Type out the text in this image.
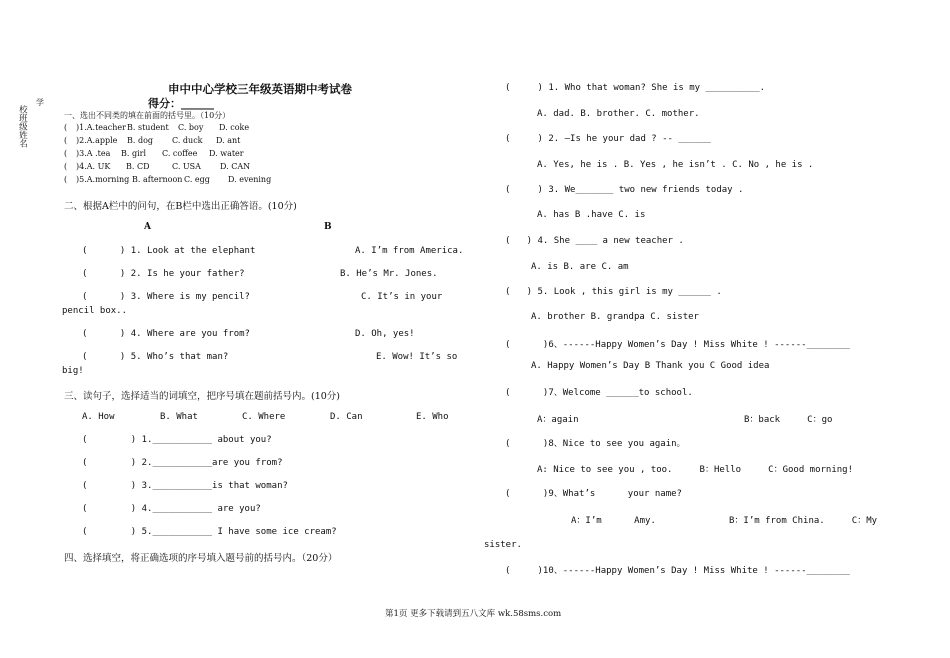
学
校班级姓名
申中中心学校三年级英语期中考试卷
得分：______
一、选出不同类的填在前面的括号里。（10分）
( )1.A.teacher B. student C. boy D. coke
( )2.A.apple B. dog C. duck D. ant
( )3.A .tea B. girl C. coffee D. water
( )4.A. UK B. CD	C. USA D. CAN
( )5.A.morning B. afternoon C. egg D. evening
二、根据A栏中的问句，在B栏中选出正确答语。(10分)
A	B
(      ) 1. Look at the elephant	A. I’m from America.
(      ) 2. Is he your father?	B. He’s Mr. Jones.
(      ) 3. Where is my pencil?	C. It’s in your
pencil box..
(      ) 4. Where are you from?	D. Oh, yes!
(      ) 5. Who’s that man?	E. Wow! It’s so
big!
三、读句子，选择适当的词填空，把序号填在题前括号内。(10分)
A. How	B. What	C. Where	D. Can	E. Who
(        ) 1.___________ about you?
(        ) 2.___________are you from?
(        ) 3.___________is that woman?
(        ) 4.___________ are you?
(        ) 5.___________ I have some ice cream?
四、选择填空，将正确选项的序号填入题号前的括号内。（20分）
(     ) 1. Who that woman? She is my __________.
A. dad. B. brother. C. mother.
(     ) 2. —Is he your dad ? -- ______
A. Yes, he is . B. Yes , he isn’t . C. No , he is .
(     ) 3. We_______ two new friends today .
A. has B .have C. is
(   ) 4. She ____ a new teacher .
A. is B. are C. am
(   ) 5. Look , this girl is my ______ .
A. brother B. grandpa C. sister
(      )6、------Happy Women’s Day ! Miss White ! ------________
A. Happy Women’s Day B Thank you C Good idea
(      )7、Welcome ______to school.
A：again	B：back     C：go
(      )8、Nice to see you again。
A: Nice to see you , too.     B：Hello     C：Good morning!
(      )9、What’s      your name?
A：I’m      Amy.	B：I’m from China.     C：My
sister.
(     )10、------Happy Women’s Day ! Miss White ! ------________
第1页 更多下载请到五八文库 wk.58sms.com
